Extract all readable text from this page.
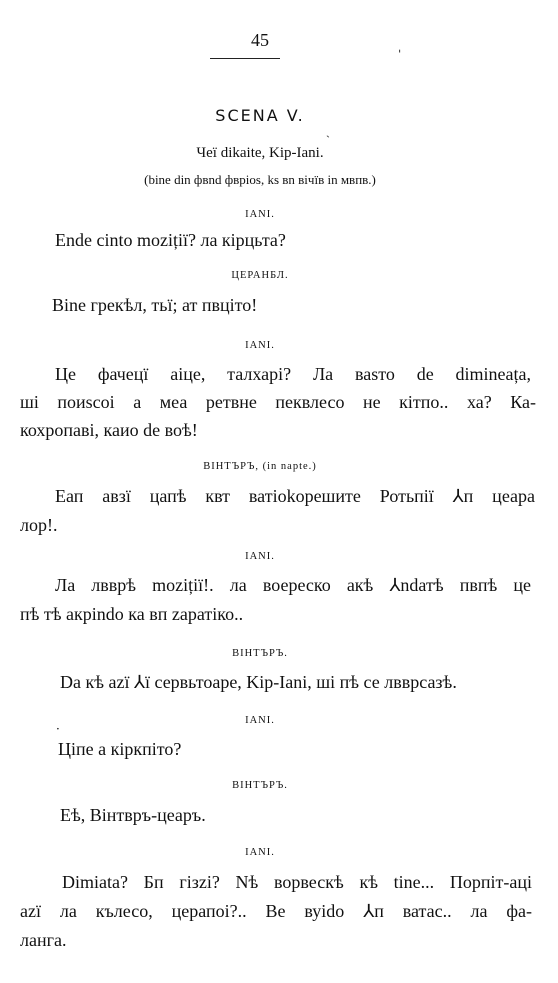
45	ˌ
SCENA V.
ˏ
Чеї dikaite, Kip-Iani.
(bine din фвnd фвpios, ks вn вічїв in мвпв.)
IANI.
Ende cinto mozițiї? ла кірцьта?
ЦЕРАНБЛ.
Віnе грекѣл, тьї; ат пвціто!
IANI.
Це фачецї аіце, талхарі? Ла ваѕто de diminеața,
ші поиѕсоі а меа ретвне пеквлесо не кітпо.. ха? Ка-
кохропаві, каио de воѣ!
ВІНТЪРЪ, (in napte.)
Еап авзї цапѣ квт ватіоkорешите Ротьпії ⅄п цеара
лор!.
IANI.
Ла лвврѣ mozițiї!. ла воереско акѣ ⅄ndатѣ пвпѣ це
пѣ тѣ акрindо ка вп zаратіко..
ВІНТЪРЪ.
Dа кѣ azї ⅄ї сервьтоаре, Kip-Iani, ші пѣ се лвврсазѣ.
·
IANI.
Ціпе а кіркпіто?
ВІНТЪРЪ.
Eѣ, Вінтвръ-цеаръ.
IANI.
Dimiata? Бп гізzi? Nѣ ворвескѣ кѣ tinе... Порпіт-аці
azї ла кълесо, церапоі?.. Ве вуіdо ⅄п ватас.. ла фа-
ланга.
